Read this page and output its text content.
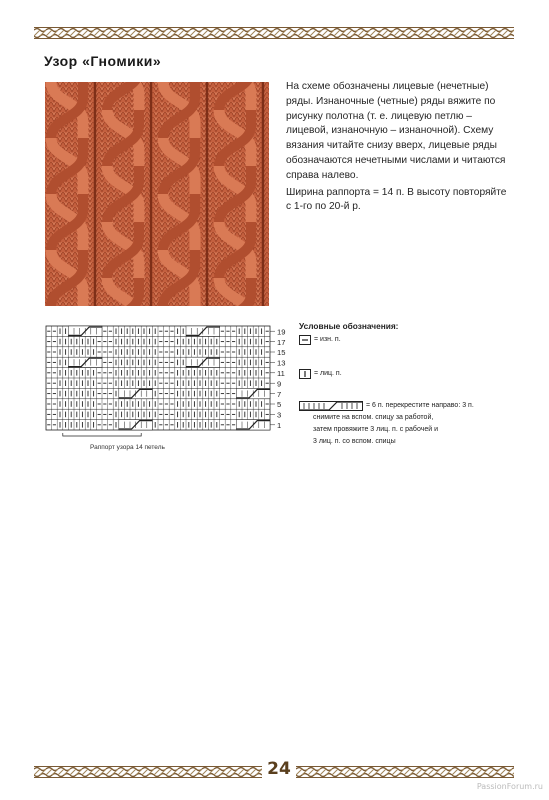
Узор «Гномики»

На схеме обозначены лицевые (нечетные) ряды. Изнаночные (четные) ряды вяжите по рисунку полотна (т. е. лицевую петлю – лицевой, изнаночную – изнаночной). Схему вязания читайте снизу вверх, лицевые ряды обозначаются нечетными числами и читаются справа налево.

Ширина раппорта = 14 п. В высоту повторяйте с 1-го по 20-й р.

19
17
15
13
11
9
7
5
3
1
Раппорт узора 14 петель
Условные обозначения:
= изн. п.
= лиц. п.
= 6 п. перекрестите направо: 3 п.
снимите на вспом. спицу за работой,
затем провяжите 3 лиц. п. с рабочей и
3 лиц. п. со вспом. спицы
24
PassionForum.ru
